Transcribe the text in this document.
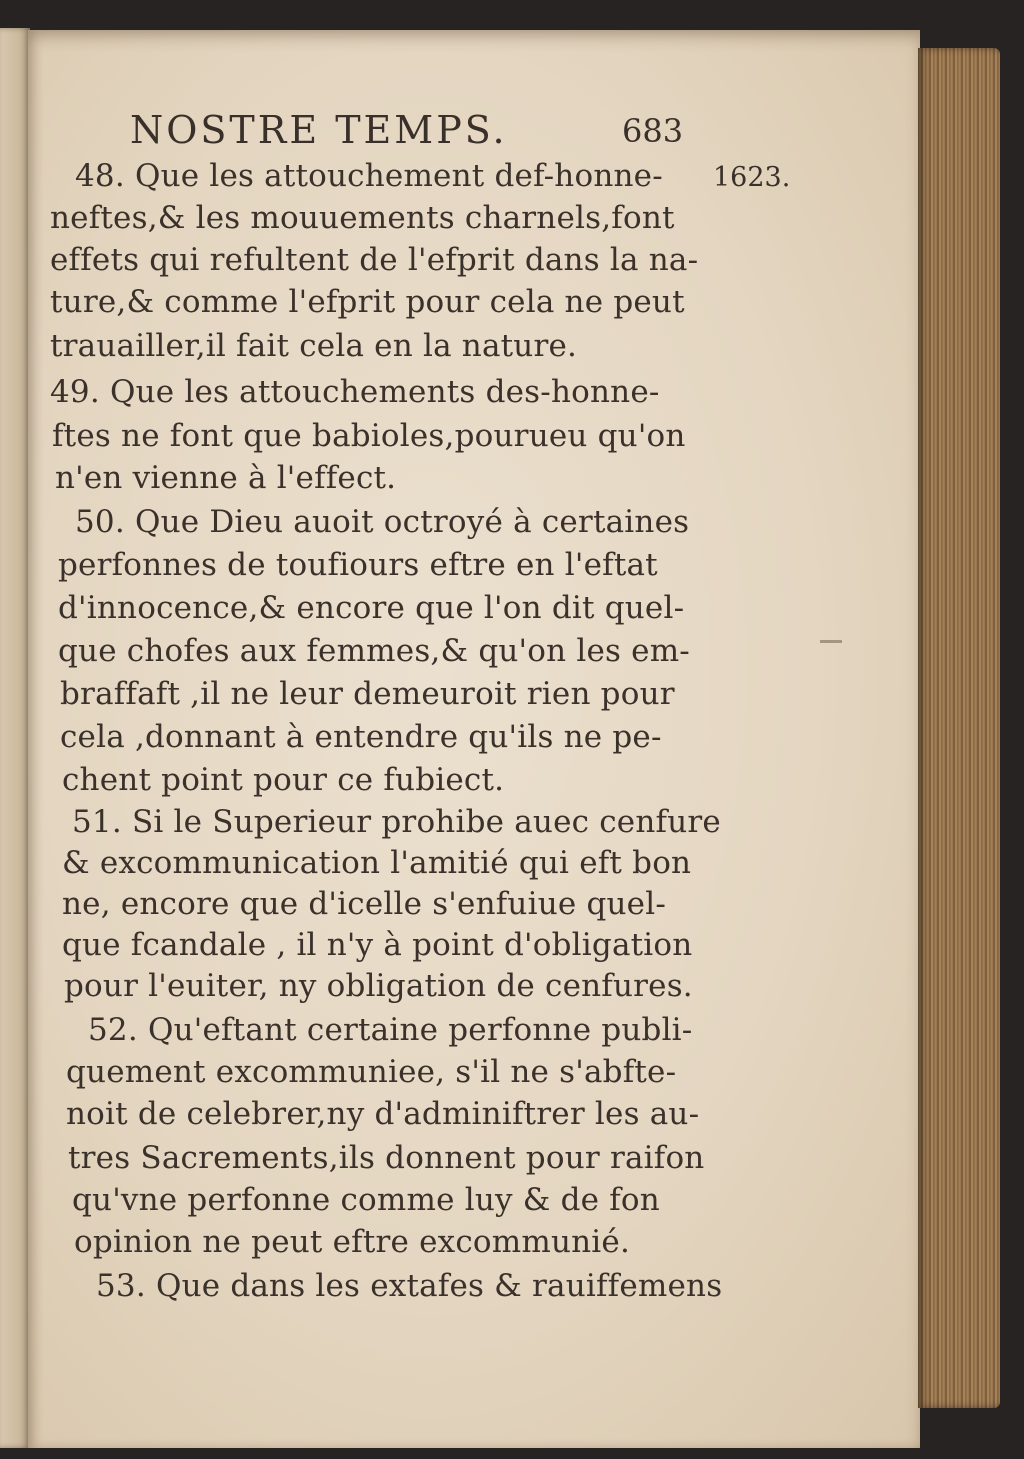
NOSTRE TEMPS.	683
1623.
48. Que les attouchement def-honne-
neftes,& les mouuements charnels,font
effets qui refultent de l'efprit dans la na-
ture,& comme l'efprit pour cela ne peut
trauailler,il fait cela en la nature.
49. Que les attouchements des-honne-
ftes ne font que babioles,pourueu qu'on
n'en vienne à l'effect.
50. Que Dieu auoit octroyé à certaines
perfonnes de toufiours eftre en l'eftat
d'innocence,& encore que l'on dit quel-
que chofes aux femmes,& qu'on les em-
braffaft ,il ne leur demeuroit rien pour
cela ,donnant à entendre qu'ils ne pe-
chent point pour ce fubiect.
51. Si le Superieur prohibe auec cenfure
& excommunication l'amitié qui eft bon
ne, encore que d'icelle s'enfuiue quel-
que fcandale , il n'y à point d'obligation
pour l'euiter, ny obligation de cenfures.
52. Qu'eftant certaine perfonne publi-
quement excommuniee, s'il ne s'abfte-
noit de celebrer,ny d'adminiftrer les au-
tres Sacrements,ils donnent pour raifon
qu'vne perfonne comme luy & de fon
opinion ne peut eftre excommunié.
53. Que dans les extafes & rauiffemens
